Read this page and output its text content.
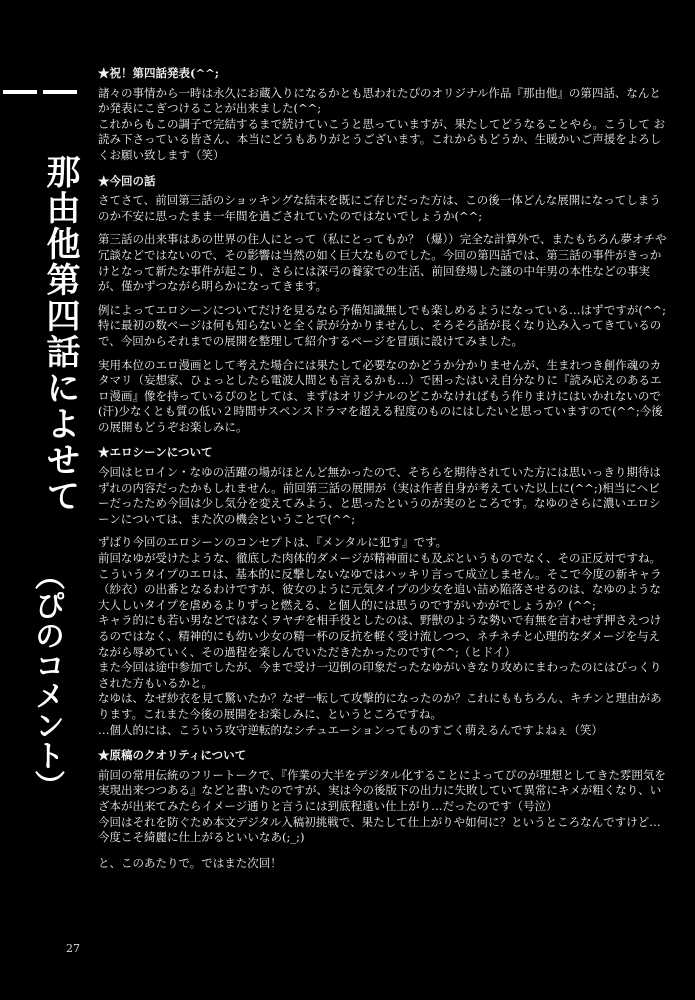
― 那由他第四話によせて ―
（ぴのコメント）
★祝！第四話発表(^^;

諸々の事情から一時は永久にお蔵入りになるかとも思われたぴのオリジナル作品『那由他』の第四話、なんとか発表にこぎつけることが出来ました(^^;
これからもこの調子で完結するまで続けていこうと思っていますが、果たしてどうなることやら。こうして お読み下さっている皆さん、本当にどうもありがとうございます。これからもどうか、生暖かいご声援をよろしくお願い致します（笑）

★今回の話

さてさて、前回第三話のショッキングな結末を既にご存じだった方は、この後一体どんな展開になってしまうのか不安に思ったまま一年間を過ごされていたのではないでしょうか(^^;

第三話の出来事はあの世界の住人にとって（私にとってもか？（爆））完全な計算外で、またもちろん夢オチや冗談などではないので、その影響は当然の如く巨大なものでした。今回の第四話では、第三話の事件がきっかけとなって新たな事件が起こり、さらには深弓の養家での生活、前回登場した謎の中年男の本性などの事実が、僅かずつながら明らかになってきます。

例によってエロシーンについてだけを見るなら予備知識無しでも楽しめるようになっている…はずですが(^^;特に最初の数ページは何も知らないと全く訳が分かりませんし、そろそろ話が長くなり込み入ってきているので、今回からそれまでの展開を整理して紹介するページを冒頭に設けてみました。

実用本位のエロ漫画として考えた場合には果たして必要なのかどうか分かりませんが、生まれつき創作魂のカタマリ（妄想家、ひょっとしたら電波人間とも言えるかも…）で困ったはいえ自分なりに『読み応えのあるエロ漫画』像を持っているぴのとしては、まずはオリジナルのどこかなければもう作りまけにはいかれないので(汗)少なくとも質の低い２時間サスペンスドラマを超える程度のものにはしたいと思っていますので(^^;今後の展開もどうぞお楽しみに。

★エロシーンについて

今回はヒロイン・なゆの活躍の場がほとんど無かったので、そちらを期待されていた方には思いっきり期待はずれの内容だったかもしれません。前回第三話の展開が（実は作者自身が考えていた以上に(^^;)相当にヘビーだったため今回は少し気分を変えてみよう、と思ったというのが実のところです。なゆのさらに濃いエロシーンについては、また次の機会ということで(^^;

ずばり今回のエロシーンのコンセプトは、『メンタルに犯す』です。
前回なゆが受けたような、徹底した肉体的ダメージが精神面にも及ぶというものでなく、その正反対ですね。
こういうタイプのエロは、基本的に反撃しないなゆではハッキリ言って成立しません。そこで今度の新キャラ（紗衣）の出番となるわけですが、彼女のように元気タイプの少女を追い詰め陥落させるのは、なゆのような大人しいタイプを虐めるよりずっと燃える、と個人的には思うのですがいかがでしょうか？(^^;
キャラ的にも若い男などではなくヲヤヂを相手役としたのは、野獣のような勢いで有無を言わせず押さえつけるのではなく、精神的にも幼い少女の精一杯の反抗を軽く受け流しつつ、ネチネチと心理的なダメージを与えながら辱めていく、その過程を楽しんでいただきたかったのです(^^;（ヒドイ）
また今回は途中参加でしたが、今まで受け一辺倒の印象だったなゆがいきなり攻めにまわったのにはびっくりされた方もいるかと。
なゆは、なぜ紗衣を見て驚いたか？なぜ一転して攻撃的になったのか？これにももちろん、キチンと理由があります。これまた今後の展開をお楽しみに、というところですね。
…個人的には、こういう攻守逆転的なシチュエーションってものすごく萌えるんですよねぇ（笑）

★原稿のクオリティについて

前回の常用伝統のフリートークで、『作業の大半をデジタル化することによってぴのが理想としてきた雰囲気を実現出来つつある』などと書いたのですが、実は今の後版下の出力に失敗していて異常にキメが粗くなり、いざ本が出来てみたらイメージ通りと言うには到底程遠い仕上がり…だったのです（号泣）
今回はそれを防ぐため本文デジタル入稿初挑戦で、果たして仕上がりや如何に？というところなんですけど…今度こそ綺麗に仕上がるといいなあ(;_;)

と、このあたりで。ではまた次回！

27
